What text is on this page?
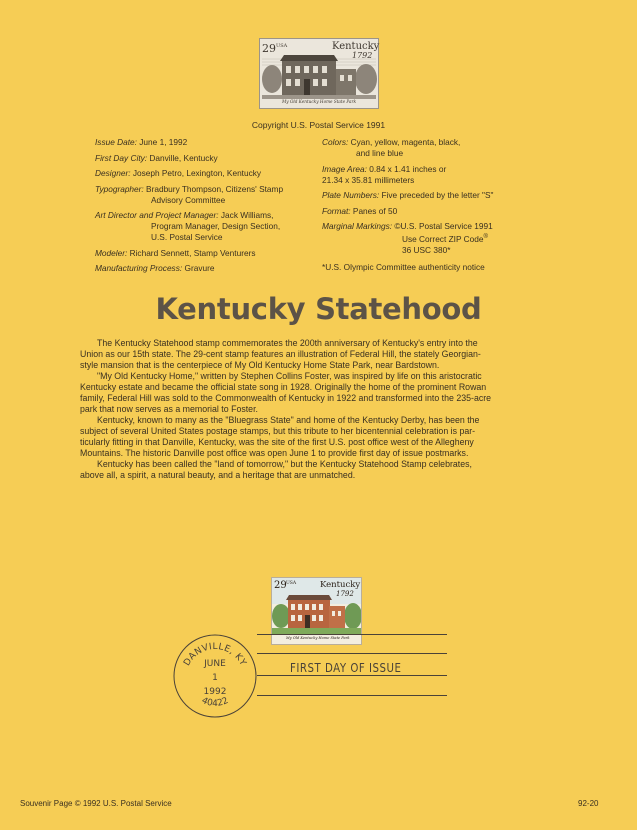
29 USA	Kentucky
1792
My Old Kentucky Home State Park
Copyright U.S. Postal Service 1991
Issue Date: June 1, 1992
First Day City: Danville, Kentucky
Designer: Joseph Petro, Lexington, Kentucky
Typographer: Bradbury Thompson, Citizens' Stamp
Advisory Committee
Art Director and Project Manager: Jack Williams,
Program Manager, Design Section,
U.S. Postal Service
Modeler: Richard Sennett, Stamp Venturers
Manufacturing Process: Gravure
Colors: Cyan, yellow, magenta, black,
and line blue
Image Area: 0.84 x 1.41 inches or
21.34 x 35.81 millimeters
Plate Numbers: Five preceded by the letter "S"
Format: Panes of 50
Marginal Markings: ©U.S. Postal Service 1991
Use Correct ZIP Code®
36 USC 380*
*U.S. Olympic Committee authenticity notice
Kentucky Statehood

The Kentucky Statehood stamp commemorates the 200th anniversary of Kentucky's entry into the

Union as our 15th state. The 29-cent stamp features an illustration of Federal Hill, the stately Georgian-

style mansion that is the centerpiece of My Old Kentucky Home State Park, near Bardstown.

"My Old Kentucky Home," written by Stephen Collins Foster, was inspired by life on this aristocratic

Kentucky estate and became the official state song in 1928. Originally the home of the prominent Rowan

family, Federal Hill was sold to the Commonwealth of Kentucky in 1922 and transformed into the 235-acre

park that now serves as a memorial to Foster.

Kentucky, known to many as the "Bluegrass State" and home of the Kentucky Derby, has been the

subject of several United States postage stamps, but this tribute to her bicentennial celebration is par-

ticularly fitting in that Danville, Kentucky, was the site of the first U.S. post office west of the Allegheny

Mountains. The historic Danville post office was open June 1 to provide first day of issue postmarks.

Kentucky has been called the "land of tomorrow," but the Kentucky Statehood Stamp celebrates,

above all, a spirit, a natural beauty, and a heritage that are unmatched.

29 USA	Kentucky
1792
My Old Kentucky Home State Park
FIRST DAY OF ISSUE
DANVILLE, KY
JUNE
1
1992
40422
Souvenir Page © 1992 U.S. Postal Service	92-20
